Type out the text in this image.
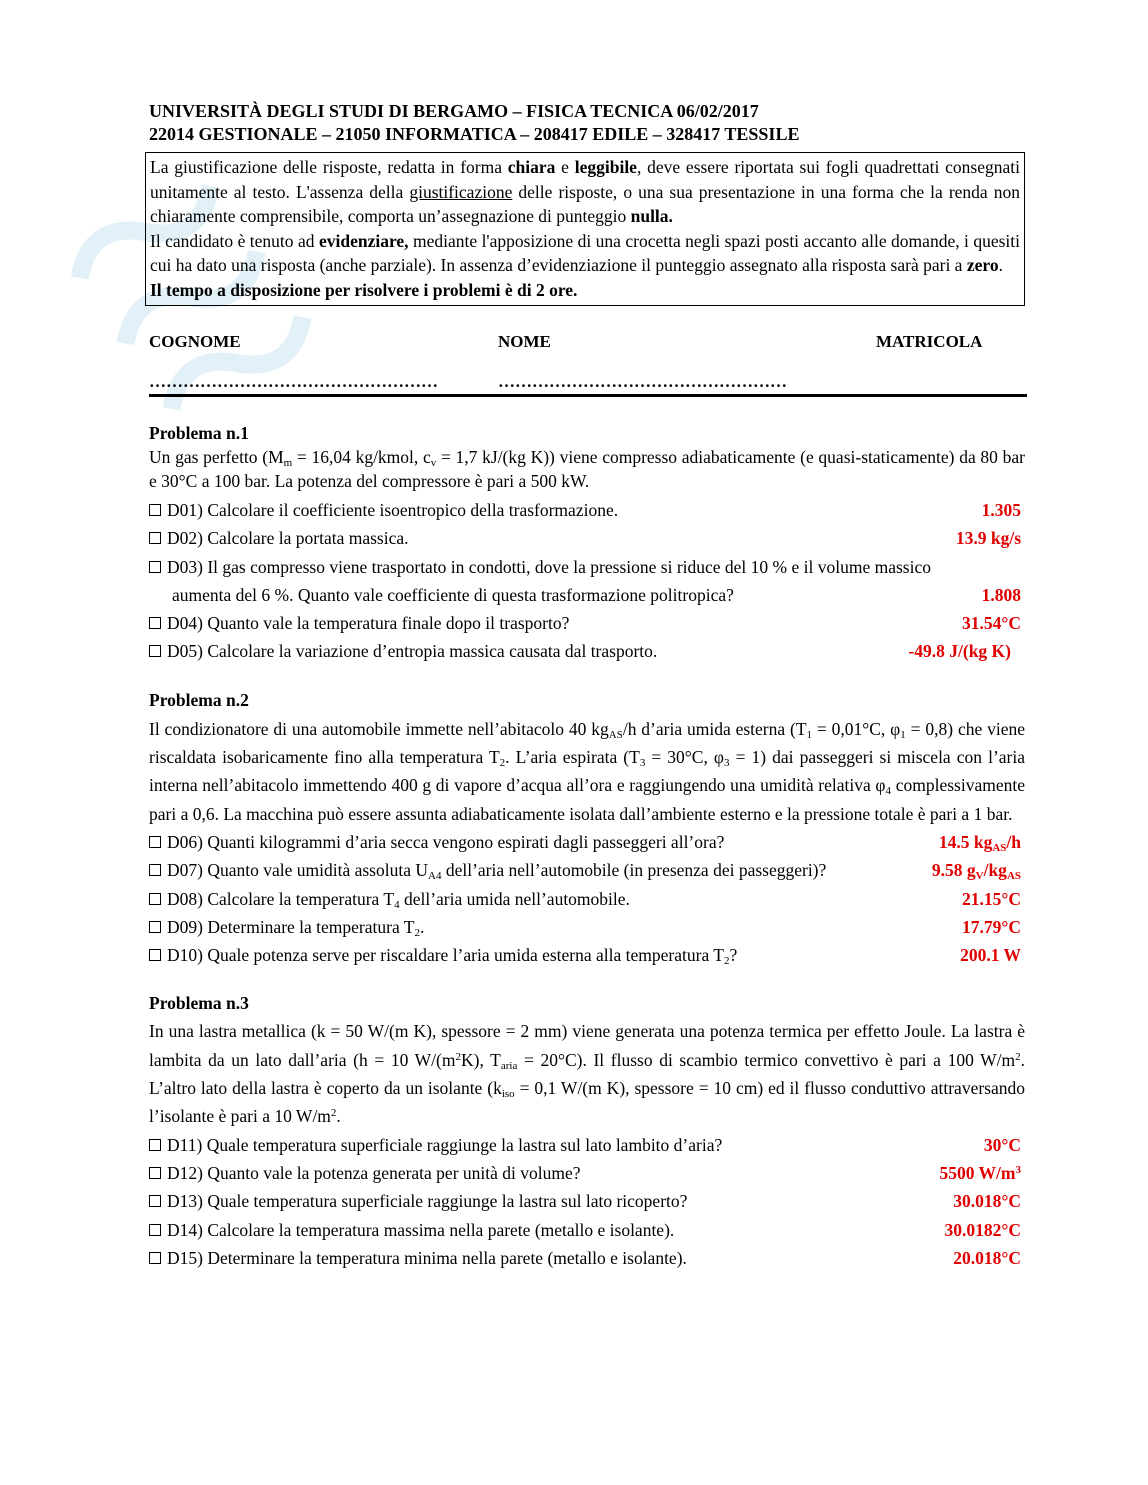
UNIVERSITÀ DEGLI STUDI DI BERGAMO – FISICA TECNICA 06/02/2017
22014 GESTIONALE – 21050 INFORMATICA – 208417 EDILE – 328417 TESSILE
La giustificazione delle risposte, redatta in forma chiara e leggibile, deve essere riportata sui fogli quadrettati consegnati unitamente al testo. L'assenza della giustificazione delle risposte, o una sua presentazione in una forma che la renda non chiaramente comprensibile, comporta un’assegnazione di punteggio nulla.
Il candidato è tenuto ad evidenziare, mediante l'apposizione di una crocetta negli spazi posti accanto alle domande, i quesiti cui ha dato una risposta (anche parziale). In assenza d’evidenziazione il punteggio assegnato alla risposta sarà pari a zero.
Il tempo a disposizione per risolvere i problemi è di 2 ore.
COGNOME	NOME	MATRICOLA
……………………………………………	……………………………………………
Problema n.1
Un gas perfetto ($M_m = 16,04$ kg/kmol, $c_v = 1,7$ kJ/(kg K)) viene compresso adiabaticamente (e quasi-staticamente) da 80 bar e 30°C a 100 bar. La potenza del compressore è pari a 500 kW.
D01) Calcolare il coefficiente isoentropico della trasformazione.	1.305
D02) Calcolare la portata massica.	13.9 kg/s
D03) Il gas compresso viene trasportato in condotti, dove la pressione si riduce del 10 % e il volume massico
aumenta del 6 %. Quanto vale coefficiente di questa trasformazione politropica?	1.808
D04) Quanto vale la temperatura finale dopo il trasporto?	31.54°C
D05) Calcolare la variazione d’entropia massica causata dal trasporto.	-49.8 J/(kg K)
Problema n.2
Il condizionatore di una automobile immette nell’abitacolo 40 $kg_{AS}/h$ d’aria umida esterna ($T_1 = 0,01^\circ C$, $\varphi_1 = 0,8$) che viene riscaldata isobaricamente fino alla temperatura $T_2$. L’aria espirata ($T_3 = 30^\circ C$, $\varphi_3 = 1$) dai passeggeri si miscela con l’aria interna nell’abitacolo immettendo 400 g di vapore d’acqua all’ora e raggiungendo una umidità relativa $\varphi_4$ complessivamente pari a 0,6. La macchina può essere assunta adiabaticamente isolata dall’ambiente esterno e la pressione totale è pari a 1 bar.
D06) Quanti kilogrammi d’aria secca vengono espirati dagli passeggeri all’ora?	14.5 $kg_{AS}/h$
D07) Quanto vale umidità assoluta $U_{A4}$ dell’aria nell’automobile (in presenza dei passeggeri)?	9.58 $g_V/kg_{AS}$
D08) Calcolare la temperatura $T_4$ dell’aria umida nell’automobile.	21.15°C
D09) Determinare la temperatura $T_2$.	17.79°C
D10) Quale potenza serve per riscaldare l’aria umida esterna alla temperatura $T_2$?	200.1 W
Problema n.3
In una lastra metallica (k = 50 W/(m K), spessore = 2 mm) viene generata una potenza termica per effetto Joule. La lastra è lambita da un lato dall’aria (h = 10 $W/(m^2K)$, $T_{aria} = 20^\circ C$). Il flusso di scambio termico convettivo è pari a 100 $W/m^2$. L’altro lato della lastra è coperto da un isolante ($k_{iso} = 0,1$ W/(m K), spessore = 10 cm) ed il flusso conduttivo attraversando l’isolante è pari a 10 $W/m^2$.
D11) Quale temperatura superficiale raggiunge la lastra sul lato lambito d’aria?	30°C
D12) Quanto vale la potenza generata per unità di volume?	5500 $W/m^3$
D13) Quale temperatura superficiale raggiunge la lastra sul lato ricoperto?	30.018°C
D14) Calcolare la temperatura massima nella parete (metallo e isolante).	30.0182°C
D15) Determinare la temperatura minima nella parete (metallo e isolante).	20.018°C
